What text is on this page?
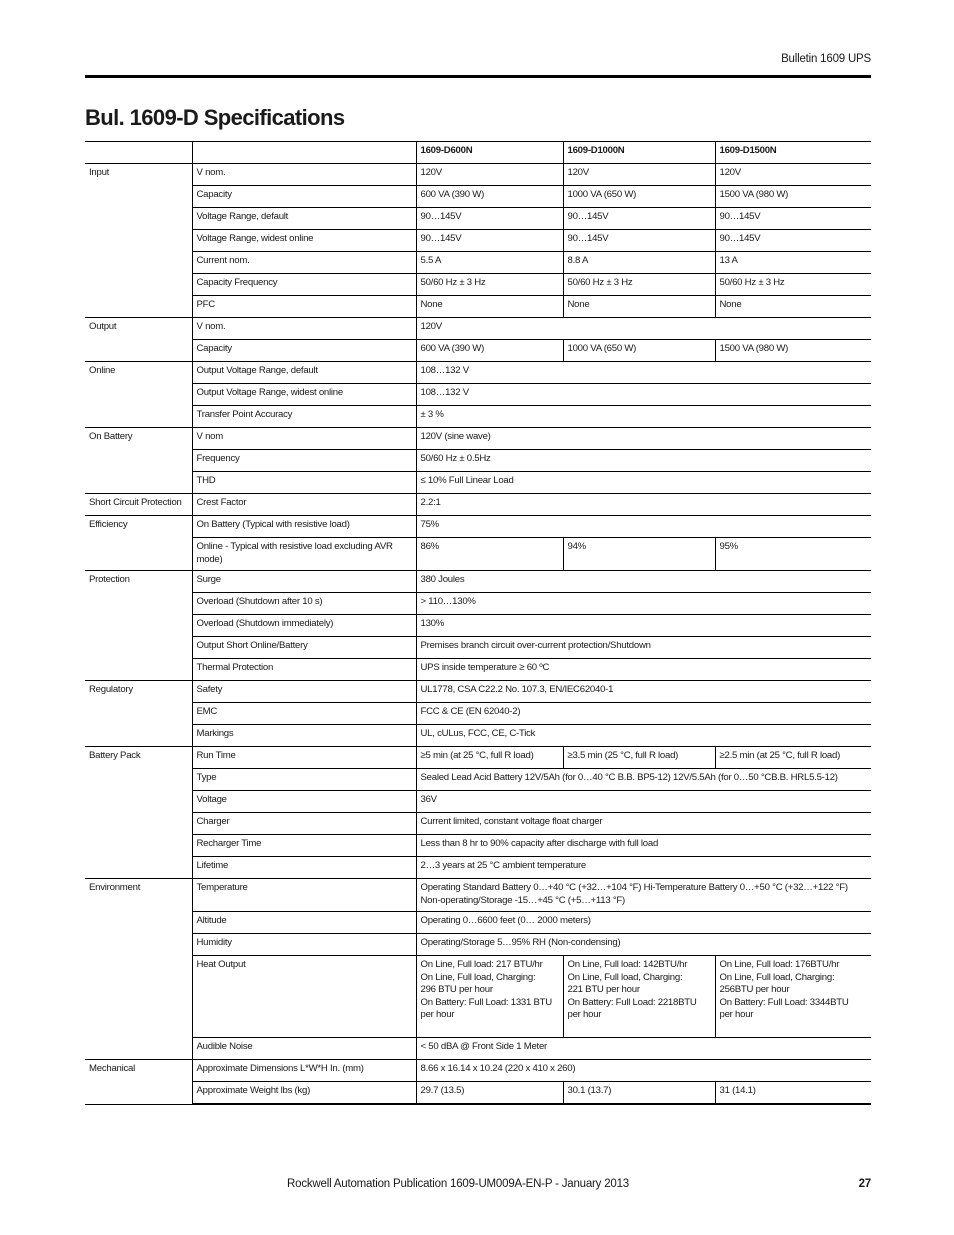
Bulletin 1609 UPS
Bul. 1609-D Specifications
		1609-D600N	1609-D1000N	1609-D1500N
Input	V nom.	120V	120V	120V
	Capacity	600 VA (390 W)	1000 VA (650 W)	1500 VA (980 W)
	Voltage Range, default	90…145V	90…145V	90…145V
	Voltage Range, widest online	90…145V	90…145V	90…145V
	Current nom.	5.5 A	8.8 A	13 A
	Capacity Frequency	50/60 Hz ± 3 Hz	50/60 Hz ± 3 Hz	50/60 Hz ± 3 Hz
	PFC	None	None	None
Output	V nom.	120V		
	Capacity	600 VA (390 W)	1000 VA (650 W)	1500 VA (980 W)
Online	Output Voltage Range, default	108…132 V		
	Output Voltage Range, widest online	108…132 V		
	Transfer Point Accuracy	± 3 %		
On Battery	V nom	120V (sine wave)		
	Frequency	50/60 Hz ± 0.5Hz		
	THD	≤ 10% Full Linear Load		
Short Circuit Protection	Crest Factor	2.2:1		
Efficiency	On Battery (Typical with resistive load)	75%		
	Online - Typical with resistive load excluding AVR mode)	86%	94%	95%
Protection	Surge	380 Joules		
	Overload (Shutdown after 10 s)	> 110…130%		
	Overload (Shutdown immediately)	130%		
	Output Short Online/Battery	Premises branch circuit over-current protection/Shutdown		
	Thermal Protection	UPS inside temperature ≥ 60 ºC		
Regulatory	Safety	UL1778, CSA C22.2 No. 107.3, EN/IEC62040-1		
	EMC	FCC & CE (EN 62040-2)		
	Markings	UL, cULus, FCC, CE, C-Tick		
Battery Pack	Run Time	≥5 min (at 25 °C, full R load)	≥3.5 min (25 °C, full R load)	≥2.5 min (at 25 °C, full R load)
	Type	Sealed Lead Acid Battery 12V/5Ah (for 0…40 °C B.B. BP5-12) 12V/5.5Ah (for 0…50 °CB.B. HRL5.5-12)		
	Voltage	36V		
	Charger	Current limited, constant voltage float charger		
	Recharger Time	Less than 8 hr to 90% capacity after discharge with full load		
	Lifetime	2…3 years at 25 °C ambient temperature		
Environment	Temperature	Operating Standard Battery 0…+40 °C (+32…+104 °F) Hi-Temperature Battery 0…+50 °C (+32…+122 °F)
Non-operating/Storage -15…+45 °C (+5…+113 °F)		
	Altitude	Operating 0…6600 feet (0… 2000 meters)		
	Humidity	Operating/Storage 5…95% RH (Non-condensing)		
	Heat Output	On Line, Full load: 217 BTU/hr
On Line, Full load, Charging:
296 BTU per hour
On Battery: Full Load: 1331 BTU
per hour	On Line, Full load: 142BTU/hr
On Line, Full load, Charging:
221 BTU per hour
On Battery: Full Load: 2218BTU
per hour	On Line, Full load: 176BTU/hr
On Line, Full load, Charging:
256BTU per hour
On Battery: Full Load: 3344BTU
per hour
	Audible Noise	< 50 dBA @ Front Side 1 Meter		
Mechanical	Approximate Dimensions L*W*H In. (mm)	8.66 x 16.14 x 10.24 (220 x 410 x 260)		
	Approximate Weight lbs (kg)	29.7 (13.5)	30.1 (13.7)	31 (14.1)
Rockwell Automation Publication 1609-UM009A-EN-P - January 2013	27
